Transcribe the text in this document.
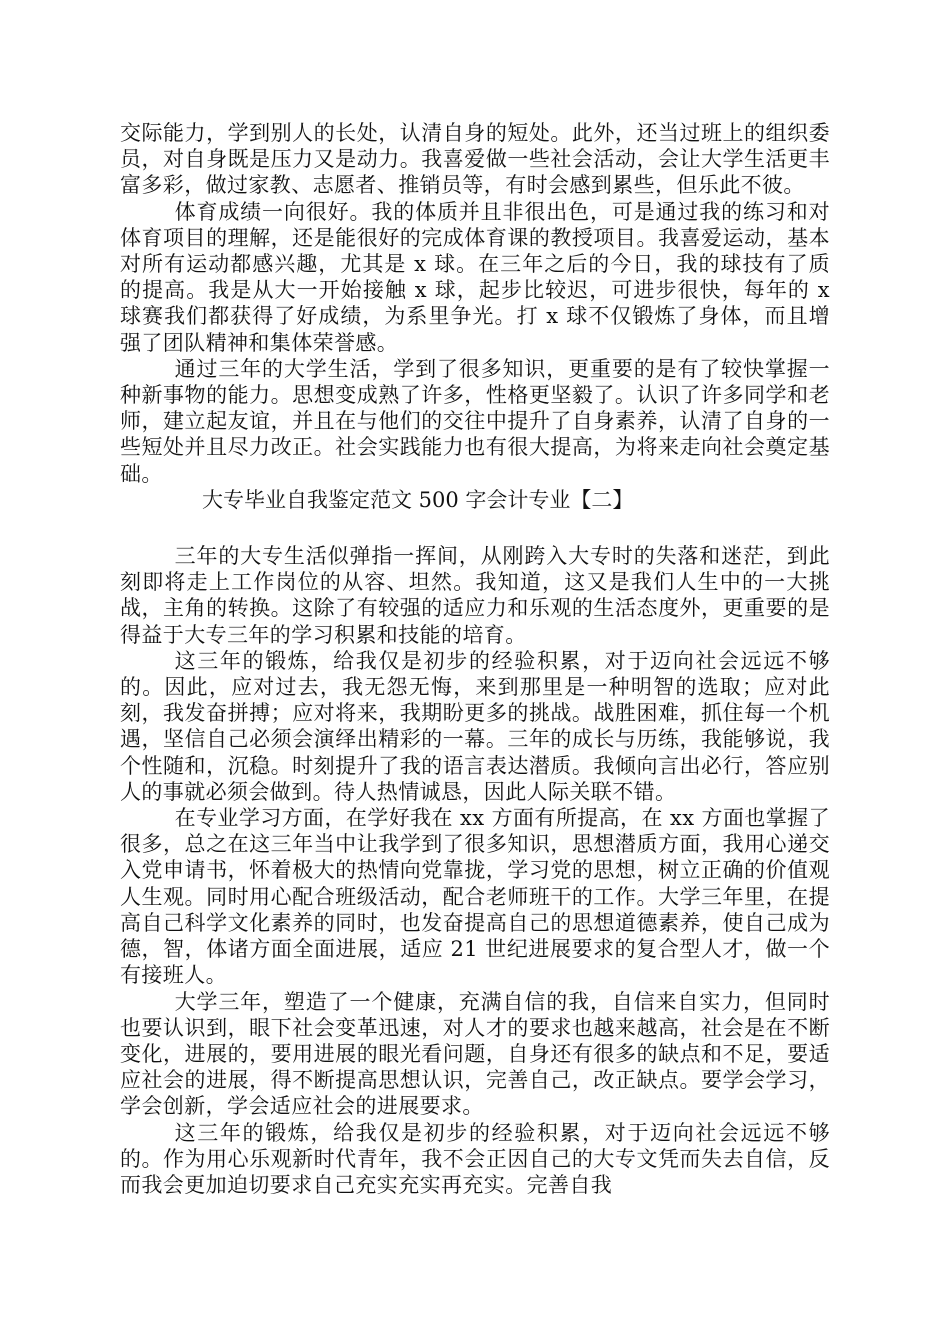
交际能力，学到别人的长处，认清自身的短处。此外，还当过班上的组织委员，对自身既是压力又是动力。我喜爱做一些社会活动，会让大学生活更丰富多彩，做过家教、志愿者、推销员等，有时会感到累些，但乐此不彼。

体育成绩一向很好。我的体质并且非很出色，可是通过我的练习和对体育项目的理解，还是能很好的完成体育课的教授项目。我喜爱运动，基本对所有运动都感兴趣，尤其是 x 球。在三年之后的今日，我的球技有了质的提高。我是从大一开始接触 x 球，起步比较迟，可进步很快，每年的 x 球赛我们都获得了好成绩，为系里争光。打 x 球不仅锻炼了身体，而且增强了团队精神和集体荣誉感。

通过三年的大学生活，学到了很多知识，更重要的是有了较快掌握一种新事物的能力。思想变成熟了许多，性格更坚毅了。认识了许多同学和老师，建立起友谊，并且在与他们的交往中提升了自身素养，认清了自身的一些短处并且尽力改正。社会实践能力也有很大提高，为将来走向社会奠定基础。

大专毕业自我鉴定范文 500 字会计专业【二】

三年的大专生活似弹指一挥间，从刚跨入大专时的失落和迷茫，到此刻即将走上工作岗位的从容、坦然。我知道，这又是我们人生中的一大挑战，主角的转换。这除了有较强的适应力和乐观的生活态度外，更重要的是得益于大专三年的学习积累和技能的培育。

这三年的锻炼，给我仅是初步的经验积累，对于迈向社会远远不够的。因此，应对过去，我无怨无悔，来到那里是一种明智的选取；应对此刻，我发奋拼搏；应对将来，我期盼更多的挑战。战胜困难，抓住每一个机遇，坚信自己必须会演绎出精彩的一幕。三年的成长与历练，我能够说，我个性随和，沉稳。时刻提升了我的语言表达潜质。我倾向言出必行，答应别人的事就必须会做到。待人热情诚恳，因此人际关联不错。

在专业学习方面，在学好我在 xx 方面有所提高，在 xx 方面也掌握了很多，总之在这三年当中让我学到了很多知识，思想潜质方面，我用心递交入党申请书，怀着极大的热情向党靠拢，学习党的思想，树立正确的价值观人生观。同时用心配合班级活动，配合老师班干的工作。大学三年里，在提高自己科学文化素养的同时，也发奋提高自己的思想道德素养，使自己成为德，智，体诸方面全面进展，适应 21 世纪进展要求的复合型人才，做一个有接班人。

大学三年，塑造了一个健康，充满自信的我，自信来自实力，但同时也要认识到，眼下社会变革迅速，对人才的要求也越来越高，社会是在不断变化，进展的，要用进展的眼光看问题，自身还有很多的缺点和不足，要适应社会的进展，得不断提高思想认识，完善自己，改正缺点。要学会学习，学会创新，学会适应社会的进展要求。

这三年的锻炼，给我仅是初步的经验积累，对于迈向社会远远不够的。作为用心乐观新时代青年，我不会正因自己的大专文凭而失去自信，反而我会更加迫切要求自己充实充实再充实。完善自我
